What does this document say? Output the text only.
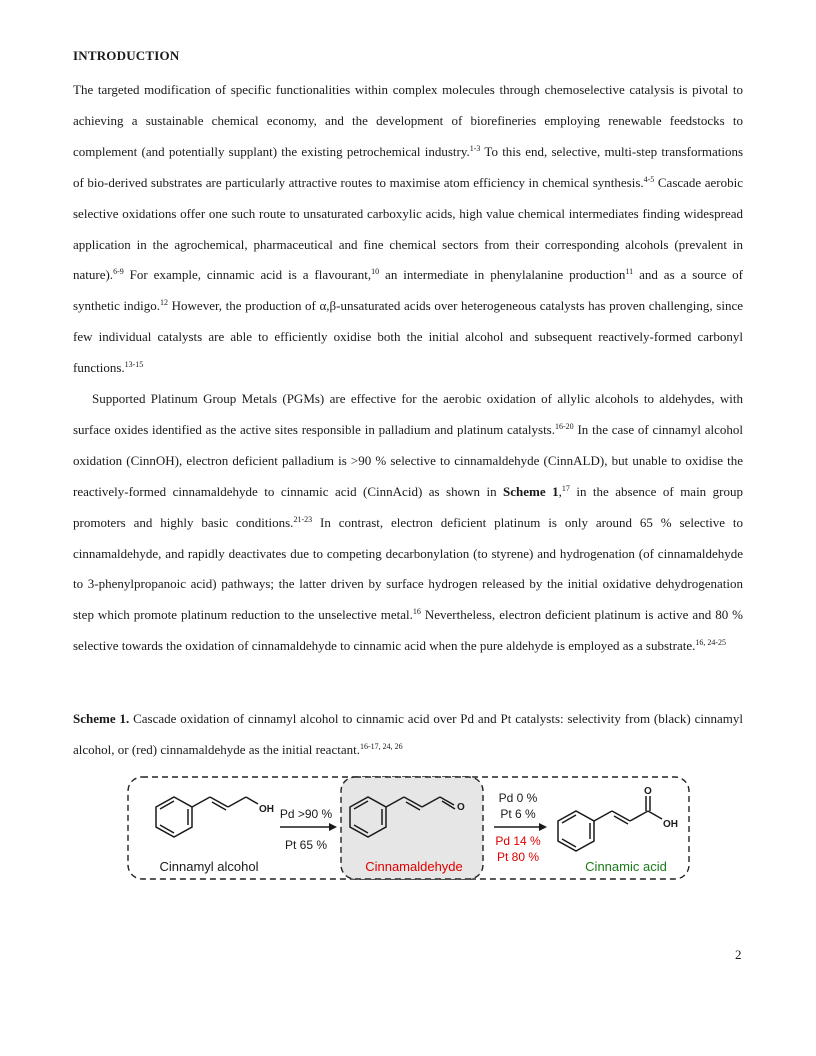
INTRODUCTION

The targeted modification of specific functionalities within complex molecules through chemoselective catalysis is pivotal to achieving a sustainable chemical economy, and the development of biorefineries employing renewable feedstocks to complement (and potentially supplant) the existing petrochemical industry.$^{1-3}$ To this end, selective, multi-step transformations of bio-derived substrates are particularly attractive routes to maximise atom efficiency in chemical synthesis.$^{4-5}$ Cascade aerobic selective oxidations offer one such route to unsaturated carboxylic acids, high value chemical intermediates finding widespread application in the agrochemical, pharmaceutical and fine chemical sectors from their corresponding alcohols (prevalent in nature).$^{6-9}$ For example, cinnamic acid is a flavourant,$^{10}$ an intermediate in phenylalanine production$^{11}$ and as a source of synthetic indigo.$^{12}$ However, the production of α,β-unsaturated acids over heterogeneous catalysts has proven challenging, since few individual catalysts are able to efficiently oxidise both the initial alcohol and subsequent reactively-formed carbonyl functions.$^{13-15}$

Supported Platinum Group Metals (PGMs) are effective for the aerobic oxidation of allylic alcohols to aldehydes, with surface oxides identified as the active sites responsible in palladium and platinum catalysts.$^{16-20}$ In the case of cinnamyl alcohol oxidation (CinnOH), electron deficient palladium is >90 % selective to cinnamaldehyde (CinnALD), but unable to oxidise the reactively-formed cinnamaldehyde to cinnamic acid (CinnAcid) as shown in Scheme 1,17 in the absence of main group promoters and highly basic conditions.$^{21-23}$ In contrast, electron deficient platinum is only around 65 % selective to cinnamaldehyde, and rapidly deactivates due to competing decarbonylation (to styrene) and hydrogenation (of cinnamaldehyde to 3-phenylpropanoic acid) pathways; the latter driven by surface hydrogen released by the initial oxidative dehydrogenation step which promote platinum reduction to the unselective metal.$^{16}$ Nevertheless, electron deficient platinum is active and 80 % selective towards the oxidation of cinnamaldehyde to cinnamic acid when the pure aldehyde is employed as a substrate.$^{16, 24-25}$

Scheme 1. Cascade oxidation of cinnamyl alcohol to cinnamic acid over Pd and Pt catalysts: selectivity from (black) cinnamyl alcohol, or (red) cinnamaldehyde as the initial reactant.$^{16-17, 24, 26}$

OH
Cinnamyl alcohol
Pd >90 %
Pt 65 %
O
Cinnamaldehyde
Pd 0 %
Pt 6 %
Pd 14 %
Pt 80 %
O
OH
Cinnamic acid
2
